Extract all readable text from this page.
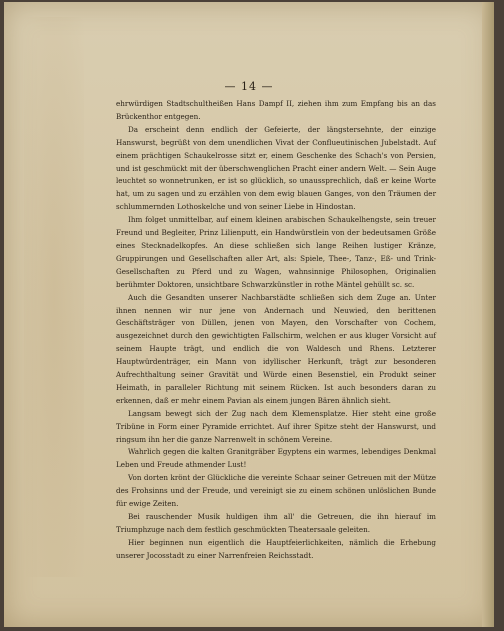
— 14 —

ehrwürdigen Stadtschultheißen Hans Dampf II, ziehen ihm zum Empfang bis an das Brückenthor entgegen.

Da erscheint denn endlich der Gefeierte, der längstersehnte, der einzige Hanswurst, begrüßt von dem unendlichen Vivat der Conflueutinischen Jubelstadt. Auf einem prächtigen Schaukelrosse sitzt er, einem Geschenke des Schach's von Persien, und ist geschmückt mit der überschwenglichen Pracht einer andern Welt. — Sein Auge leuchtet so wonnetrunken, er ist so glücklich, so unaussprechlich, daß er keine Worte hat, um zu sagen und zu erzählen von dem ewig blauen Ganges, von den Träumen der schlummernden Lothoskelche und von seiner Liebe in Hindostan.

Ihm folget unmittelbar, auf einem kleinen arabischen Schaukelhengste, sein treuer Freund und Begleiter, Prinz Lilienputt, ein Handwürstlein von der bedeutsamen Größe eines Stecknadelkopfes. An diese schließen sich lange Reihen lustiger Kränze, Gruppirungen und Gesellschaften aller Art, als: Spiele, Thee-, Tanz-, Eß- und Trink-Gesellschaften zu Pferd und zu Wagen, wahnsinnige Philosophen, Originalien berühmter Doktoren, unsichtbare Schwarzkünstler in rothe Mäntel gehüllt sc. sc.

Auch die Gesandten unserer Nachbarstädte schließen sich dem Zuge an. Unter ihnen nennen wir nur jene von Andernach und Neuwied, den berittenen Geschäftsträger von Düllen, jenen von Mayen, den Vorschafter von Cochem, ausgezeichnet durch den gewichtigten Fallschirm, welchen er aus kluger Vorsicht auf seinem Haupte trägt, und endlich die von Waldesch und Rhens. Letzterer Hauptwürdenträger, ein Mann von idyllischer Herkunft, trägt zur besonderen Aufrechthaltung seiner Gravität und Würde einen Besenstiel, ein Produkt seiner Heimath, in paralleler Richtung mit seinem Rücken. Ist auch besonders daran zu erkennen, daß er mehr einem Pavian als einem jungen Bären ähnlich sieht.

Langsam bewegt sich der Zug nach dem Klemensplatze. Hier steht eine große Tribüne in Form einer Pyramide errichtet. Auf ihrer Spitze steht der Hanswurst, und ringsum ihn her die ganze Narrenwelt in schönem Vereine.

Wahrlich gegen die kalten Granitgräber Egyptens ein warmes, lebendiges Denkmal Leben und Freude athmender Lust!

Von dorten krönt der Glückliche die vereinte Schaar seiner Getreuen mit der Mütze des Frohsinns und der Freude, und vereinigt sie zu einem schönen unlöslichen Bunde für ewige Zeiten.

Bei rauschender Musik huldigen ihm all' die Getreuen, die ihn hierauf im Triumphzuge nach dem festlich geschmückten Theatersaale geleiten.

Hier beginnen nun eigentlich die Hauptfeierlichkeiten, nämlich die Erhebung unserer Jocosstadt zu einer Narrenfreien Reichsstadt.
